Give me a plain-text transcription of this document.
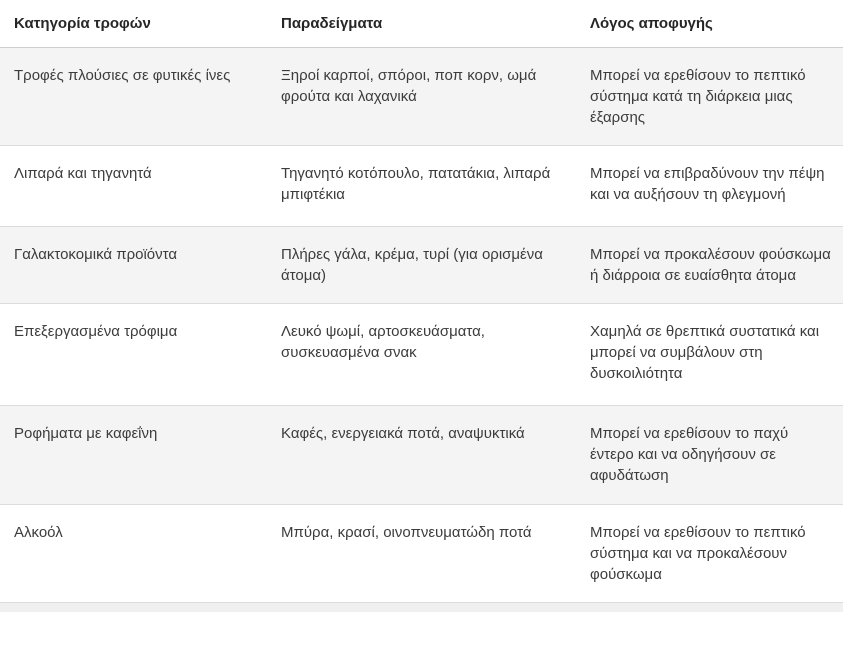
Κατηγορία τροφών	Παραδείγματα	Λόγος αποφυγής
Τροφές πλούσιες σε φυτικές ίνες	Ξηροί καρποί, σπόροι, ποπ κορν, ωμά φρούτα και λαχανικά	Μπορεί να ερεθίσουν το πεπτικό σύστημα κατά τη διάρκεια μιας έξαρσης
Λιπαρά και τηγανητά	Τηγανητό κοτόπουλο, πατατάκια, λιπαρά μπιφτέκια	Μπορεί να επιβραδύνουν την πέψη και να αυξήσουν τη φλεγμονή
Γαλακτοκομικά προϊόντα	Πλήρες γάλα, κρέμα, τυρί (για ορισμένα άτομα)	Μπορεί να προκαλέσουν φούσκωμα ή διάρροια σε ευαίσθητα άτομα
Επεξεργασμένα τρόφιμα	Λευκό ψωμί, αρτοσκευάσματα, συσκευασμένα σνακ	Χαμηλά σε θρεπτικά συστατικά και μπορεί να συμβάλουν στη δυσκοιλιότητα
Ροφήματα με καφεΐνη	Καφές, ενεργειακά ποτά, αναψυκτικά	Μπορεί να ερεθίσουν το παχύ έντερο και να οδηγήσουν σε αφυδάτωση
Αλκοόλ	Μπύρα, κρασί, οινοπνευματώδη ποτά	Μπορεί να ερεθίσουν το πεπτικό σύστημα και να προκαλέσουν φούσκωμα
